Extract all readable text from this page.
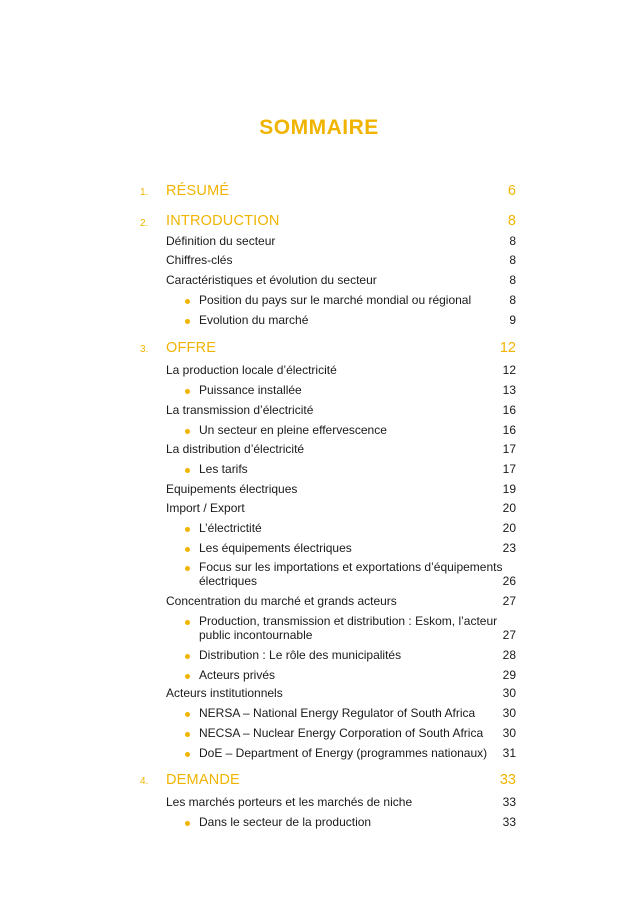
SOMMAIRE
1. RÉSUMÉ	6
2. INTRODUCTION	8
Définition du secteur	8
Chiffres-clés	8
Caractéristiques et évolution du secteur	8
Position du pays sur le marché mondial ou régional	8
Evolution du marché	9
3. OFFRE	12
La production locale d’électricité	12
Puissance installée	13
La transmission d’électricité	16
Un secteur en pleine effervescence	16
La distribution d’électricité	17
Les tarifs	17
Equipements électriques	19
Import / Export	20
L’électrictité	20
Les équipements électriques	23
Focus sur les importations et exportations d’équipements
électriques	26
Concentration du marché et grands acteurs	27
Production, transmission et distribution : Eskom, l’acteur
public incontournable	27
Distribution : Le rôle des municipalités	28
Acteurs privés	29
Acteurs institutionnels	30
NERSA – National Energy Regulator of South Africa 30
NECSA – Nuclear Energy Corporation of South Africa 30
DoE – Department of Energy (programmes nationaux) 31
4. DEMANDE	33
Les marchés porteurs et les marchés de niche	33
Dans le secteur de la production	33
